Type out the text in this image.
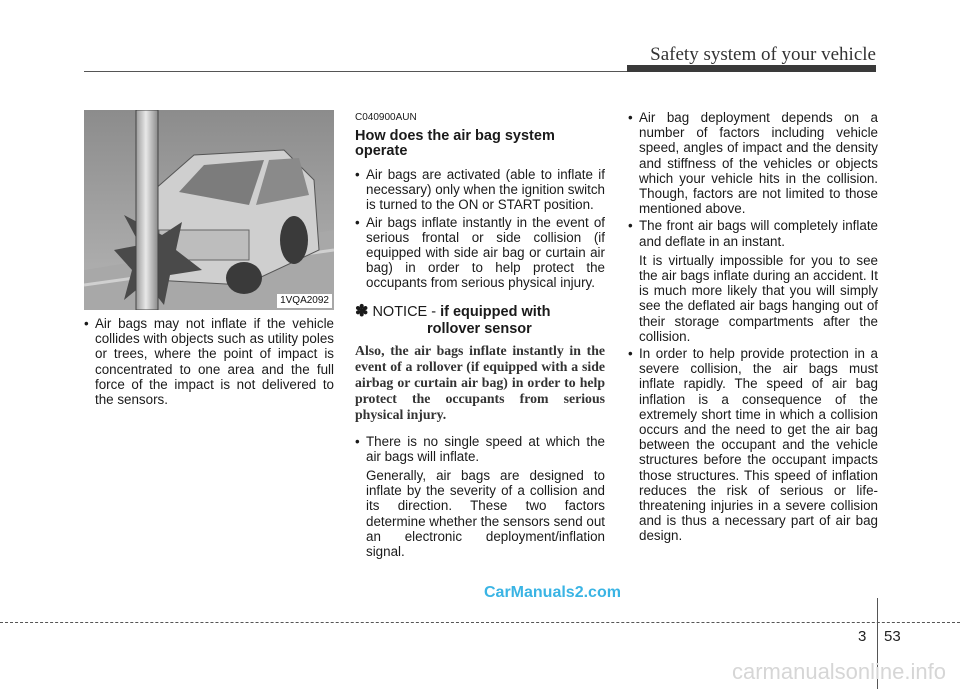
Safety system of your vehicle
1VQA2092
• Air bags may not inflate if the vehicle collides with objects such as utility poles or trees, where the point of impact is concentrated to one area and the full force of the impact is not delivered to the sensors.
C040900AUN
How does the air bag system operate
• Air bags are activated (able to inflate if necessary) only when the ignition switch is turned to the ON or START position.
• Air bags inflate instantly in the event of serious frontal or side collision (if equipped with side air bag or curtain air bag) in order to help protect the occupants from serious physical injury.
✽ NOTICE - if equipped with
rollover sensor
Also, the air bags inflate instantly in the event of a rollover (if equipped with a side airbag or curtain air bag) in order to help protect the occupants from serious physical injury.
• There is no single speed at which the air bags will inflate.
Generally, air bags are designed to inflate by the severity of a collision and its direction. These two factors determine whether the sensors send out an electronic deployment/inflation signal.
• Air bag deployment depends on a number of factors including vehicle speed, angles of impact and the density and stiffness of the vehicles or objects which your vehicle hits in the collision. Though, factors are not limited to those mentioned above.
• The front air bags will completely inflate and deflate in an instant.
It is virtually impossible for you to see the air bags inflate during an accident. It is much more likely that you will simply see the deflated air bags hanging out of their storage compartments after the collision.
• In order to help provide protection in a severe collision, the air bags must inflate rapidly. The speed of air bag inflation is a consequence of the extremely short time in which a collision occurs and the need to get the air bag between the occupant and the vehicle structures before the occupant impacts those structures. This speed of inflation reduces the risk of serious or life-threatening injuries in a severe collision and is thus a necessary part of air bag design.
CarManuals2.com
3 53
carmanualsonline.info
